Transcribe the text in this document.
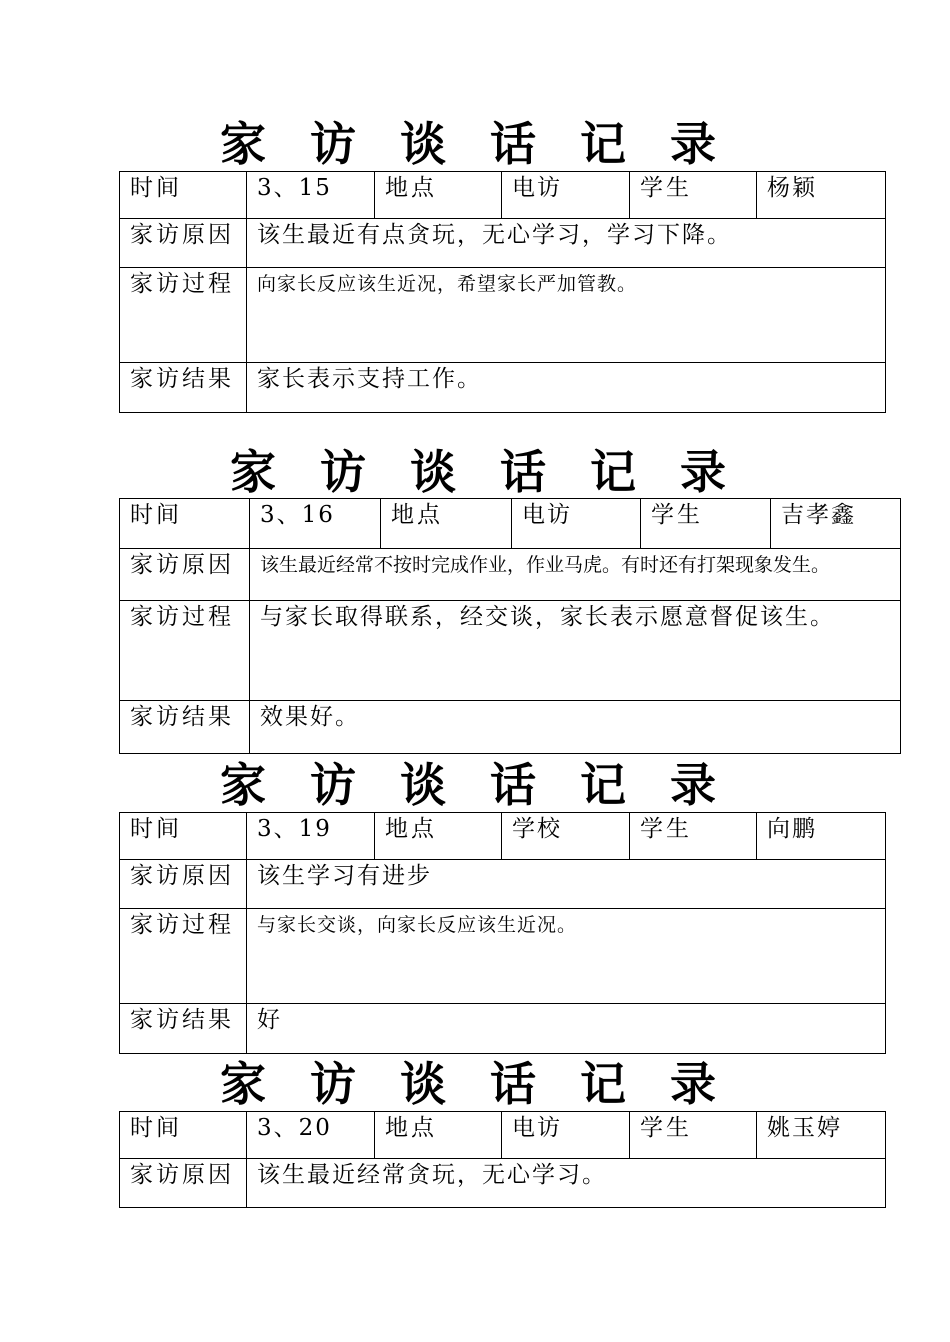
家 访 谈 话 记 录
时间	3、15	地点	电访	学生	杨颖
家访原因	该生最近有点贪玩，无心学习，学习下降。				
家访过程	向家长反应该生近况，希望家长严加管教。				
家访结果	家长表示支持工作。				
家 访 谈 话 记 录
时间	3、16	地点	电访	学生	吉孝鑫
家访原因	该生最近经常不按时完成作业，作业马虎。有时还有打架现象发生。				
家访过程	与家长取得联系，经交谈，家长表示愿意督促该生。				
家访结果	效果好。				
家 访 谈 话 记 录
时间	3、19	地点	学校	学生	向鹏
家访原因	该生学习有进步				
家访过程	与家长交谈，向家长反应该生近况。				
家访结果	好				
家 访 谈 话 记 录
时间	3、20	地点	电访	学生	姚玉婷
家访原因	该生最近经常贪玩，无心学习。				
